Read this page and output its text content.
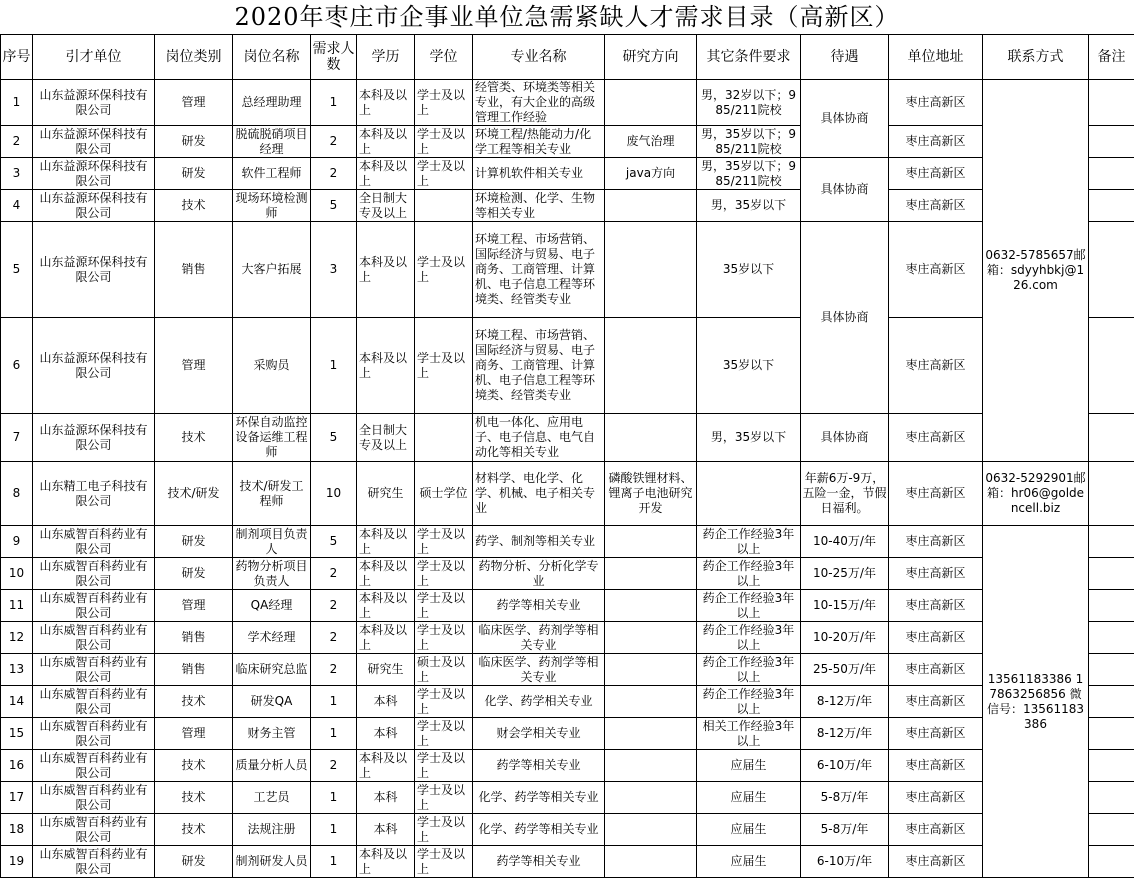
2020年枣庄市企事业单位急需紧缺人才需求目录（高新区）
序号	引才单位	岗位类别	岗位名称	需求人数	学历	学位	专业名称	研究方向	其它条件要求	待遇	单位地址	联系方式	备注
1	山东益源环保科技有限公司	管理	总经理助理	1	本科及以上	学士及以上	经管类、环境类等相关专业，有大企业的高级管理工作经验		男，32岁以下；985/211院校	具体协商	枣庄高新区	0632-5785657邮箱：sdyyhbkj@126.com	
2	山东益源环保科技有限公司	研发	脱硫脱硝项目经理	2	本科及以上	学士及以上	环境工程/热能动力/化学工程等相关专业	废气治理	男，35岁以下；985/211院校		枣庄高新区		
3	山东益源环保科技有限公司	研发	软件工程师	2	本科及以上	学士及以上	计算机软件相关专业	java方向	男，35岁以下；985/211院校	具体协商	枣庄高新区		
4	山东益源环保科技有限公司	技术	现场环境检测师	5	全日制大专及以上		环境检测、化学、生物等相关专业		男，35岁以下		枣庄高新区		
5	山东益源环保科技有限公司	销售	大客户拓展	3	本科及以上	学士及以上	环境工程、市场营销、国际经济与贸易、电子商务、工商管理、计算机、电子信息工程等环境类、经管类专业		35岁以下	具体协商	枣庄高新区		
6	山东益源环保科技有限公司	管理	采购员	1	本科及以上	学士及以上	环境工程、市场营销、国际经济与贸易、电子商务、工商管理、计算机、电子信息工程等环境类、经管类专业		35岁以下		枣庄高新区		
7	山东益源环保科技有限公司	技术	环保自动监控设备运维工程师	5	全日制大专及以上		机电一体化、应用电子、电子信息、电气自动化等相关专业		男，35岁以下	具体协商	枣庄高新区		
8	山东精工电子科技有限公司	技术/研发	技术/研发工程师	10	研究生	硕士学位	材料学、电化学、化学、机械、电子相关专业	磷酸铁锂材料、锂离子电池研究开发		年薪6万-9万，五险一金，节假日福利。	枣庄高新区	0632-5292901邮箱：hr06@goldencell.biz	
9	山东威智百科药业有限公司	研发	制剂项目负责人	5	本科及以上	学士及以上	药学、制剂等相关专业		药企工作经验3年以上	10-40万/年	枣庄高新区	13561183386 17863256856 微信号：13561183386	
10	山东威智百科药业有限公司	研发	药物分析项目负责人	2	本科及以上	学士及以上	药物分析、分析化学专业		药企工作经验3年以上	10-25万/年	枣庄高新区		
11	山东威智百科药业有限公司	管理	QA经理	2	本科及以上	学士及以上	药学等相关专业		药企工作经验3年以上	10-15万/年	枣庄高新区		
12	山东威智百科药业有限公司	销售	学术经理	2	本科及以上	学士及以上	临床医学、药剂学等相关专业		药企工作经验3年以上	10-20万/年	枣庄高新区		
13	山东威智百科药业有限公司	销售	临床研究总监	2	研究生	硕士及以上	临床医学、药剂学等相关专业		药企工作经验3年以上	25-50万/年	枣庄高新区		
14	山东威智百科药业有限公司	技术	研发QA	1	本科	学士及以上	化学、药学相关专业		药企工作经验3年以上	8-12万/年	枣庄高新区		
15	山东威智百科药业有限公司	管理	财务主管	1	本科	学士及以上	财会学相关专业		相关工作经验3年以上	8-12万/年	枣庄高新区		
16	山东威智百科药业有限公司	技术	质量分析人员	2	本科及以上	学士及以上	药学等相关专业		应届生	6-10万/年	枣庄高新区		
17	山东威智百科药业有限公司	技术	工艺员	1	本科	学士及以上	化学、药学等相关专业		应届生	5-8万/年	枣庄高新区		
18	山东威智百科药业有限公司	技术	法规注册	1	本科	学士及以上	化学、药学等相关专业		应届生	5-8万/年	枣庄高新区		
19	山东威智百科药业有限公司	研发	制剂研发人员	1	本科及以上	学士及以上	药学等相关专业		应届生	6-10万/年	枣庄高新区		
